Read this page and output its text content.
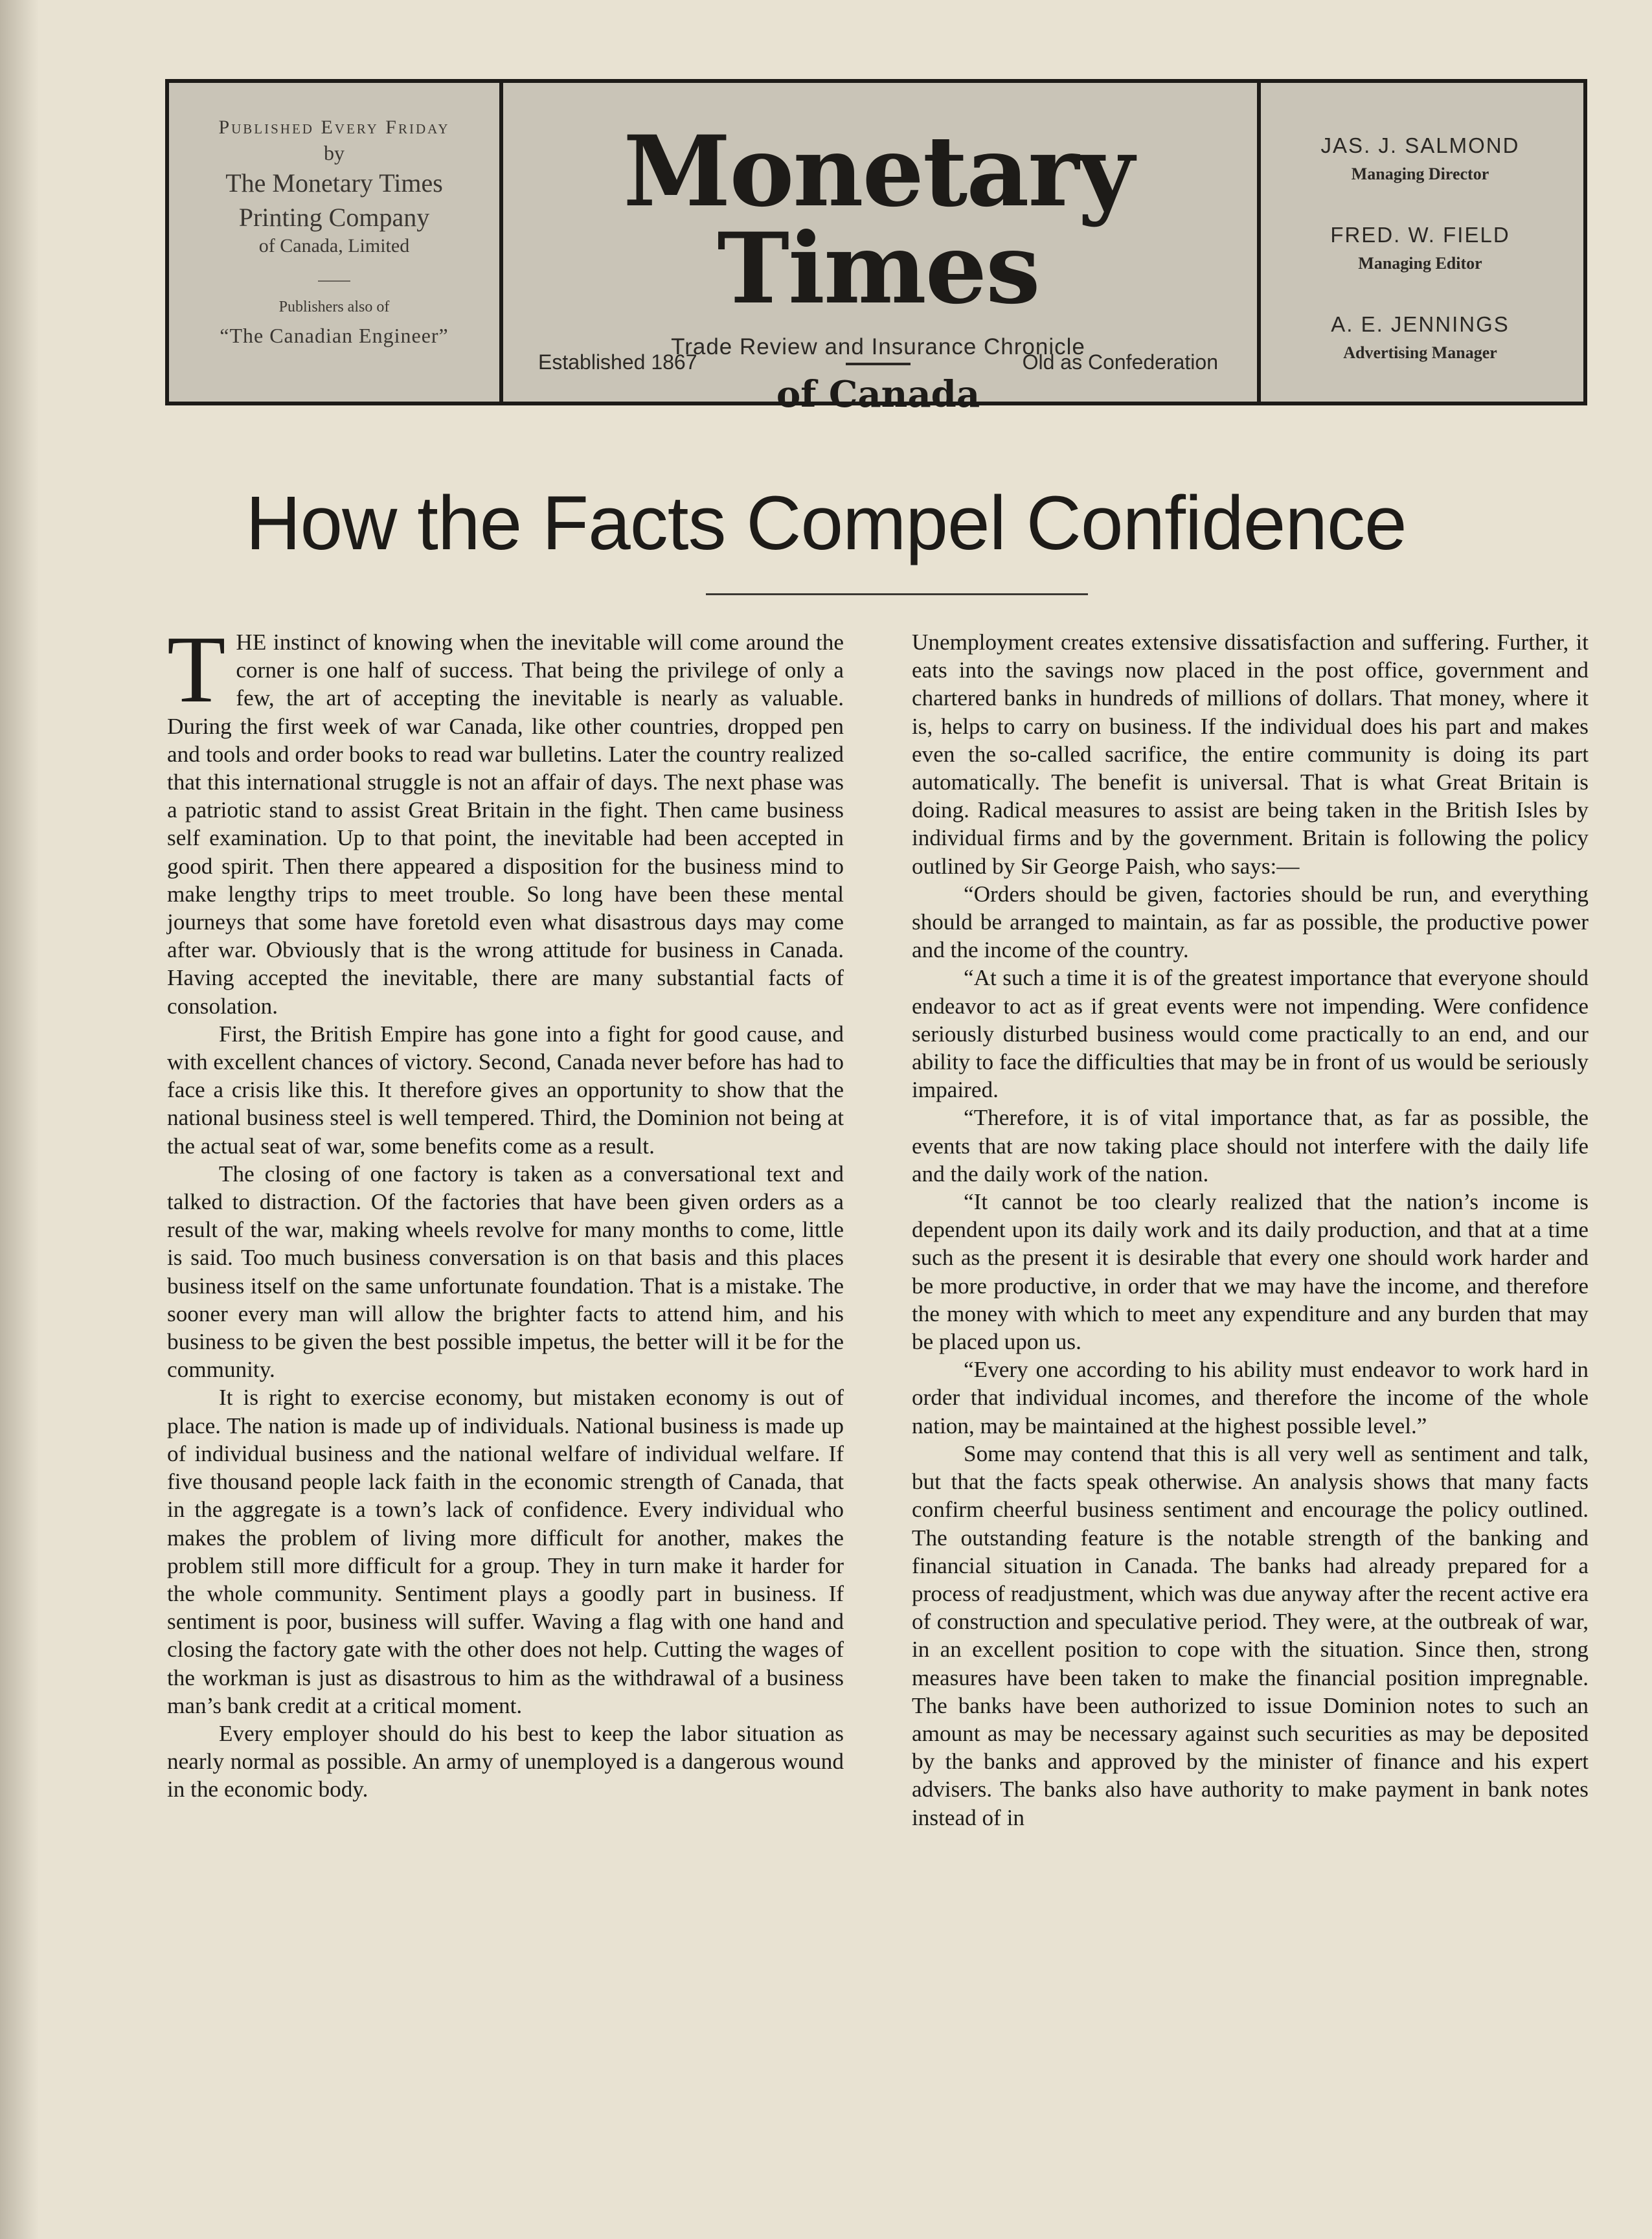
Published Every Friday
by
The Monetary Times
Printing Company
of Canada, Limited
Publishers also of
“The Canadian Engineer”
Monetary Times
Trade Review and Insurance Chronicle
of Canada
Established 1867	Old as Confederation
JAS. J. SALMOND
Managing Director
FRED. W. FIELD
Managing Editor
A. E. JENNINGS
Advertising Manager
How the Facts Compel Confidence

THE instinct of knowing when the inevitable will come around the corner is one half of success. That being the privilege of only a few, the art of accepting the inevitable is nearly as valuable. During the first week of war Canada, like other countries, dropped pen and tools and order books to read war bulletins. Later the country realized that this international struggle is not an affair of days. The next phase was a patriotic stand to assist Great Britain in the fight. Then came business self examination. Up to that point, the inevitable had been accepted in good spirit. Then there appeared a disposition for the business mind to make lengthy trips to meet trouble. So long have been these mental journeys that some have foretold even what disastrous days may come after war. Obviously that is the wrong attitude for business in Canada. Having accepted the inevitable, there are many substantial facts of consolation.

First, the British Empire has gone into a fight for good cause, and with excellent chances of victory. Second, Canada never before has had to face a crisis like this. It therefore gives an opportunity to show that the national business steel is well tempered. Third, the Dominion not being at the actual seat of war, some benefits come as a result.

The closing of one factory is taken as a conversational text and talked to distraction. Of the factories that have been given orders as a result of the war, making wheels revolve for many months to come, little is said. Too much business conversation is on that basis and this places business itself on the same unfortunate foundation. That is a mistake. The sooner every man will allow the brighter facts to attend him, and his business to be given the best possible impetus, the better will it be for the community.

It is right to exercise economy, but mistaken economy is out of place. The nation is made up of individuals. National business is made up of individual business and the national welfare of individual welfare. If five thousand people lack faith in the economic strength of Canada, that in the aggregate is a town’s lack of confidence. Every individual who makes the problem of living more difficult for another, makes the problem still more difficult for a group. They in turn make it harder for the whole community. Sentiment plays a goodly part in business. If sentiment is poor, business will suffer. Waving a flag with one hand and closing the factory gate with the other does not help. Cutting the wages of the workman is just as disastrous to him as the withdrawal of a business man’s bank credit at a critical moment.

Every employer should do his best to keep the labor situation as nearly normal as possible. An army of unemployed is a dangerous wound in the economic body.

Unemployment creates extensive dissatisfaction and suffering. Further, it eats into the savings now placed in the post office, government and chartered banks in hundreds of millions of dollars. That money, where it is, helps to carry on business. If the individual does his part and makes even the so-called sacrifice, the entire community is doing its part automatically. The benefit is universal. That is what Great Britain is doing. Radical measures to assist are being taken in the British Isles by individual firms and by the government. Britain is following the policy outlined by Sir George Paish, who says:—

“Orders should be given, factories should be run, and everything should be arranged to maintain, as far as possible, the productive power and the income of the country.

“At such a time it is of the greatest importance that everyone should endeavor to act as if great events were not impending. Were confidence seriously disturbed business would come practically to an end, and our ability to face the difficulties that may be in front of us would be seriously impaired.

“Therefore, it is of vital importance that, as far as possible, the events that are now taking place should not interfere with the daily life and the daily work of the nation.

“It cannot be too clearly realized that the nation’s income is dependent upon its daily work and its daily production, and that at a time such as the present it is desirable that every one should work harder and be more productive, in order that we may have the income, and therefore the money with which to meet any expenditure and any burden that may be placed upon us.

“Every one according to his ability must endeavor to work hard in order that individual incomes, and therefore the income of the whole nation, may be maintained at the highest possible level.”

Some may contend that this is all very well as sentiment and talk, but that the facts speak otherwise. An analysis shows that many facts confirm cheerful business sentiment and encourage the policy outlined. The outstanding feature is the notable strength of the banking and financial situation in Canada. The banks had already prepared for a process of readjustment, which was due anyway after the recent active era of construction and speculative period. They were, at the outbreak of war, in an excellent position to cope with the situation. Since then, strong measures have been taken to make the financial position impregnable. The banks have been authorized to issue Dominion notes to such an amount as may be necessary against such securities as may be deposited by the banks and approved by the minister of finance and his expert advisers. The banks also have authority to make payment in bank notes instead of in
